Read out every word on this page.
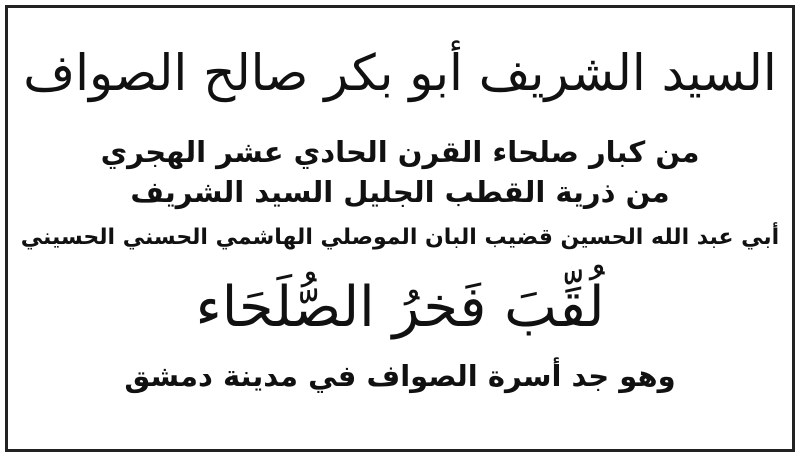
السيد الشريف أبو بكر صالح الصواف
من كبار صلحاء القرن الحادي عشر الهجري
من ذرية القطب الجليل السيد الشريف
أبي عبد الله الحسين قضيب البان الموصلي الهاشمي الحسني الحسيني
لُقِّبَ فَخرُ الصُّلَحَاء
وهو جد أسرة الصواف في مدينة دمشق
